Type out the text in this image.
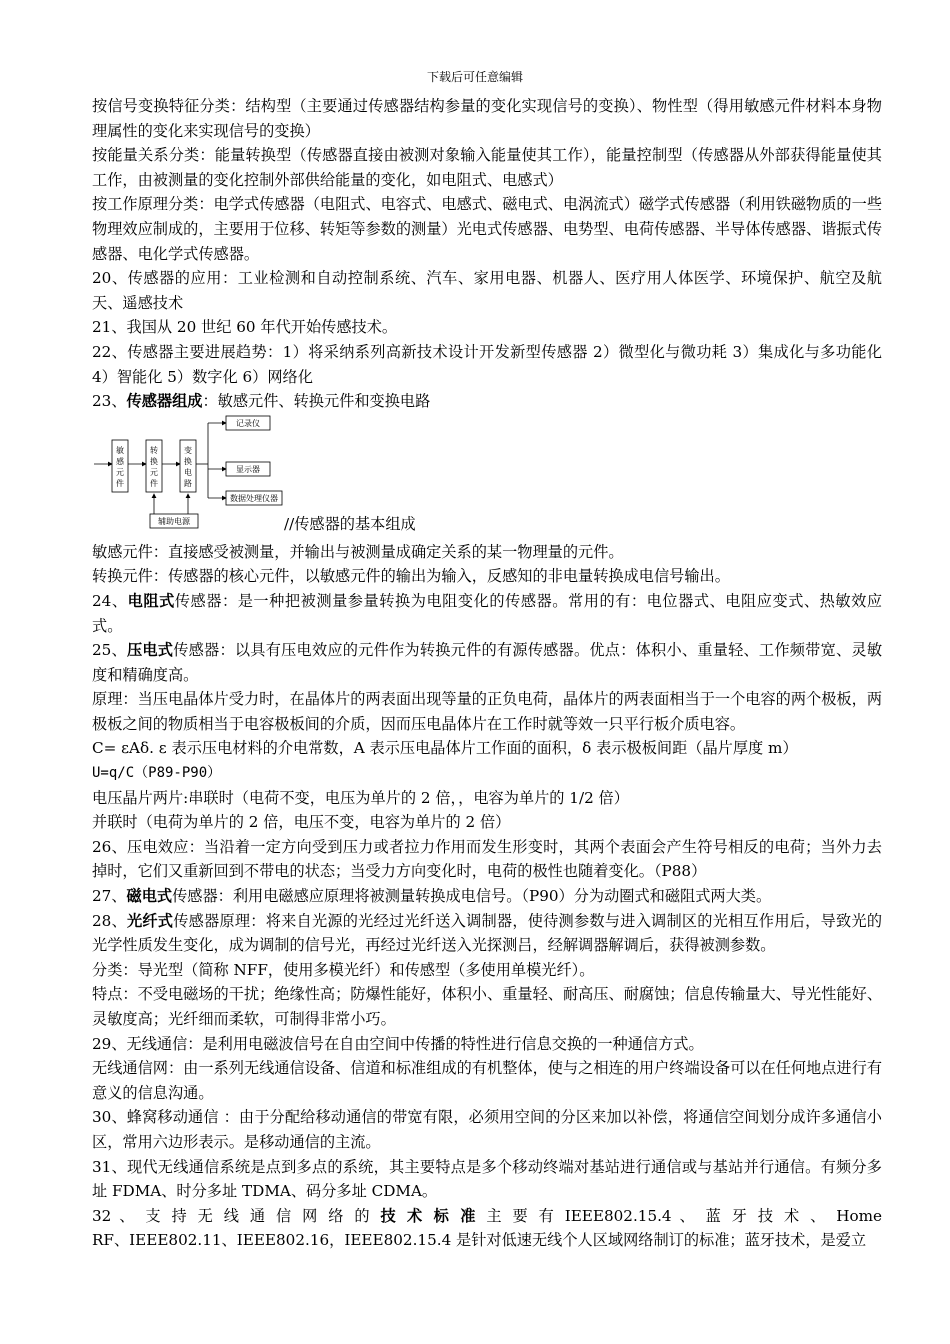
下载后可任意编辑

按信号变换特征分类：结构型（主要通过传感器结构参量的变化实现信号的变换）、物性型（得用敏感元件材料本身物理属性的变化来实现信号的变换）

按能量关系分类：能量转换型（传感器直接由被测对象输入能量使其工作），能量控制型（传感器从外部获得能量使其工作，由被测量的变化控制外部供给能量的变化，如电阻式、电感式）

按工作原理分类：电学式传感器（电阻式、电容式、电感式、磁电式、电涡流式）磁学式传感器（利用铁磁物质的一些物理效应制成的，主要用于位移、转矩等参数的测量）光电式传感器、电势型、电荷传感器、半导体传感器、谐振式传感器、电化学式传感器。

20、传感器的应用：工业检测和自动控制系统、汽车、家用电器、机器人、医疗用人体医学、环境保护、航空及航天、遥感技术

21、我国从 20 世纪 60 年代开始传感技术。

22、传感器主要进展趋势：1）将采纳系列高新技术设计开发新型传感器 2）微型化与微功耗 3）集成化与多功能化 4）智能化 5）数字化 6）网络化

23、传感器组成：敏感元件、转换元件和变换电路

敏
感
元
件
转
换
元
件
变
换
电
路
记录仪
显示器
数据处理仪器
辅助电源	//传感器的基本组成

敏感元件：直接感受被测量，并输出与被测量成确定关系的某一物理量的元件。

转换元件：传感器的核心元件，以敏感元件的输出为输入，反感知的非电量转换成电信号输出。

24、电阻式传感器：是一种把被测量参量转换为电阻变化的传感器。常用的有：电位器式、电阻应变式、热敏效应式。

25、压电式传感器：以具有压电效应的元件作为转换元件的有源传感器。优点：体积小、重量轻、工作频带宽、灵敏度和精确度高。

原理：当压电晶体片受力时，在晶体片的两表面出现等量的正负电荷，晶体片的两表面相当于一个电容的两个极板，两极板之间的物质相当于电容极板间的介质，因而压电晶体片在工作时就等效一只平行板介质电容。

C= εAδ. ε 表示压电材料的介电常数，A 表示压电晶体片工作面的面积，δ 表示极板间距（晶片厚度 m）

U=q/C（P89-P90）

电压晶片两片:串联时（电荷不变，电压为单片的 2 倍，，电容为单片的 1/2 倍）

并联时（电荷为单片的 2 倍，电压不变，电容为单片的 2 倍）

26、压电效应：当沿着一定方向受到压力或者拉力作用而发生形变时，其两个表面会产生符号相反的电荷；当外力去掉时，它们又重新回到不带电的状态；当受力方向变化时，电荷的极性也随着变化。（P88）

27、磁电式传感器：利用电磁感应原理将被测量转换成电信号。（P90）分为动圈式和磁阻式两大类。

28、光纤式传感器原理：将来自光源的光经过光纤送入调制器，使待测参数与进入调制区的光相互作用后，导致光的光学性质发生变化，成为调制的信号光，再经过光纤送入光探测吕，经解调器解调后，获得被测参数。

分类：导光型（简称 NFF，使用多模光纤）和传感型（多使用单模光纤）。

特点：不受电磁场的干扰；绝缘性高；防爆性能好，体积小、重量轻、耐高压、耐腐蚀；信息传输量大、导光性能好、灵敏度高；光纤细而柔软，可制得非常小巧。

29、无线通信：是利用电磁波信号在自由空间中传播的特性进行信息交换的一种通信方式。

无线通信网：由一系列无线通信设备、信道和标准组成的有机整体，使与之相连的用户终端设备可以在任何地点进行有意义的信息沟通。

30、蜂窝移动通信 ：由于分配给移动通信的带宽有限，必须用空间的分区来加以补偿，将通信空间划分成许多通信小区，常用六边形表示。是移动通信的主流。

31、现代无线通信系统是点到多点的系统，其主要特点是多个移动终端对基站进行通信或与基站并行通信。有频分多址 FDMA、时分多址 TDMA、码分多址 CDMA。

32 、 支 持 无 线 通 信 网 络 的 技 术 标 准 主 要 有 IEEE802.15.4 、 蓝 牙 技 术 、 Home

RF、IEEE802.11、IEEE802.16，IEEE802.15.4 是针对低速无线个人区域网络制订的标准；蓝牙技术，是爱立
